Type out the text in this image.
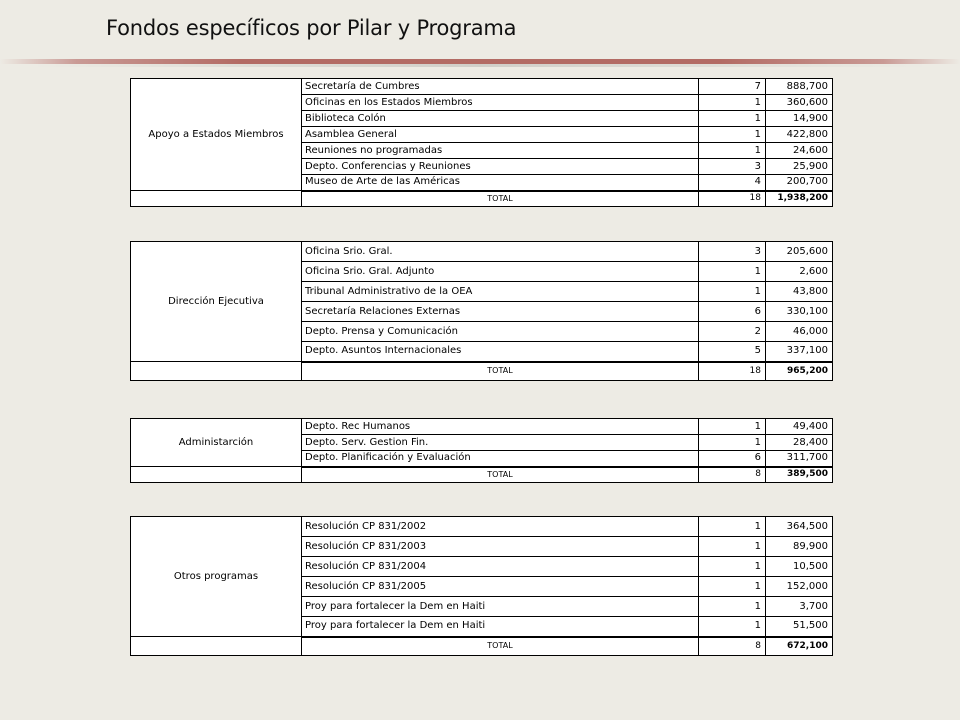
Fondos específicos por Pilar y Programa
Apoyo a Estados Miembros	Secretaría de Cumbres	7	888,700
	Oficinas en los Estados Miembros	1	360,600
	Biblioteca Colón	1	14,900
	Asamblea General	1	422,800
	Reuniones no programadas	1	24,600
	Depto. Conferencias y Reuniones	3	25,900
	Museo de Arte de las Américas	4	200,700
	TOTAL	18	1,938,200
Dirección Ejecutiva	Oficina Srio. Gral.	3	205,600
	Oficina Srio. Gral. Adjunto	1	2,600
	Tribunal Administrativo de la OEA	1	43,800
	Secretaría Relaciones Externas	6	330,100
	Depto. Prensa y Comunicación	2	46,000
	Depto. Asuntos Internacionales	5	337,100
	TOTAL	18	965,200
Administarción	Depto. Rec Humanos	1	49,400
	Depto. Serv. Gestion Fin.	1	28,400
	Depto. Planificación y Evaluación	6	311,700
	TOTAL	8	389,500
Otros programas	Resolución CP 831/2002	1	364,500
	Resolución CP 831/2003	1	89,900
	Resolución CP 831/2004	1	10,500
	Resolución CP 831/2005	1	152,000
	Proy para fortalecer la Dem en Haiti	1	3,700
	Proy para fortalecer la Dem en Haiti	1	51,500
	TOTAL	8	672,100
